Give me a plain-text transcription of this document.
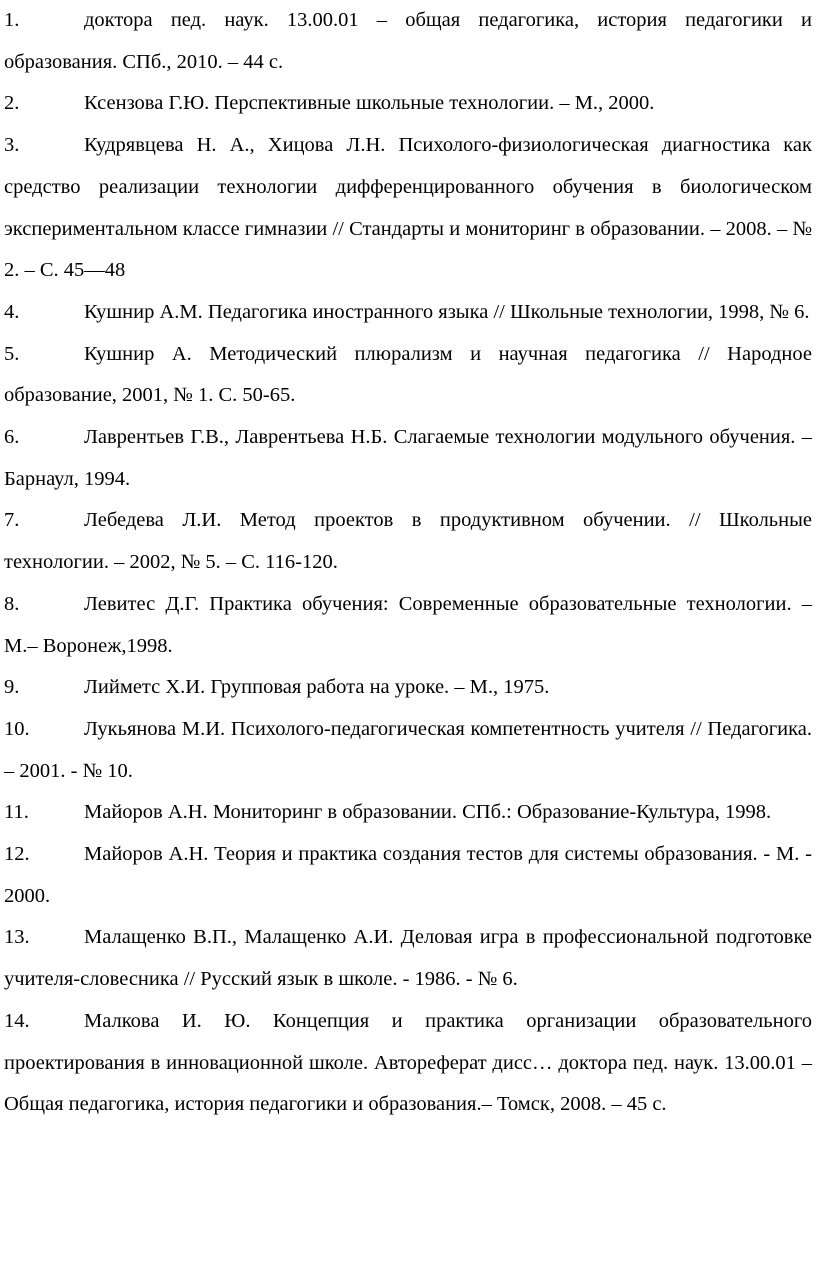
1.	доктора пед. наук. 13.00.01 – общая педагогика, история педагогики и образования. СПб., 2010. – 44 с.

2.	Ксензова Г.Ю. Перспективные школьные технологии. – М., 2000.

3.	Кудрявцева Н. А., Хицова Л.Н. Психолого-физиологическая диагностика как средство реализации технологии дифференцированного обучения в биологическом экспериментальном классе гимназии // Стандарты и мониторинг в образовании. – 2008. – № 2. – С. 45—48

4.	Кушнир А.М. Педагогика иностранного языка // Школьные технологии, 1998, № 6.

5.	Кушнир А. Методический плюрализм и научная педагогика // Народное образование, 2001, № 1. С. 50-65.

6.	Лаврентьев Г.В., Лаврентьева Н.Б. Слагаемые технологии модульного обучения. – Барнаул, 1994.

7.	Лебедева Л.И. Метод проектов в продуктивном обучении. // Школьные технологии. – 2002, № 5. – С. 116-120.

8.	Левитес Д.Г. Практика обучения: Современные образовательные технологии. – М.– Воронеж,1998.

9.	Лийметс Х.И. Групповая работа на уроке. – М., 1975.

10.	Лукьянова М.И. Психолого-педагогическая компетентность учителя // Педагогика. – 2001. - № 10.

11.	Майоров А.Н. Мониторинг в образовании. СПб.: Образование-Культура, 1998.

12.	Майоров А.Н. Теория и практика создания тестов для системы образования. - М. - 2000.

13.	Малащенко В.П., Малащенко А.И. Деловая игра в профессиональной подготовке учителя-словесника // Русский язык в школе. - 1986. - № 6.

14.	Малкова И. Ю. Концепция и практика организации образовательного проектирования в инновационной школе. Автореферат дисс… доктора пед. наук. 13.00.01 – Общая педагогика, история педагогики и образования.– Томск, 2008. – 45 с.
